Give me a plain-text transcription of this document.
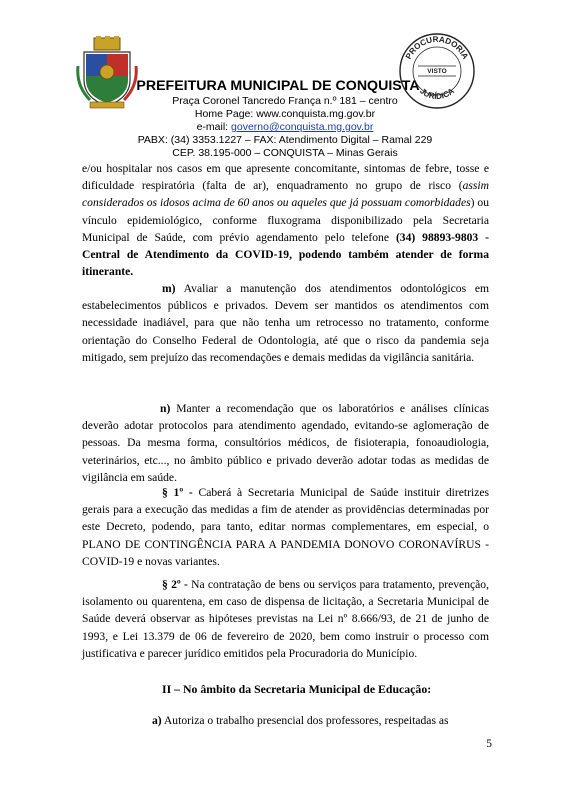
PREFEITURA MUNICIPAL DE CONQUISTA
Praça Coronel Tancredo França n.º 181 – centro
Home Page: www.conquista.mg.gov.br
e-mail: governo@conquista.mg.gov.br
PABX: (34) 3353.1227 – FAX: Atendimento Digital – Ramal 229
CEP. 38.195-000 – CONQUISTA – Minas Gerais
PROCURADORIA
VISTO
JURÍDICA
e/ou hospitalar nos casos em que apresente concomitante, sintomas de febre, tosse e dificuldade respiratória (falta de ar), enquadramento no grupo de risco (assim considerados os idosos acima de 60 anos ou aqueles que já possuam comorbidades) ou vínculo epidemiológico, conforme fluxograma disponibilizado pela Secretaria Municipal de Saúde, com prévio agendamento pelo telefone (34) 98893-9803 - Central de Atendimento da COVID-19, podendo também atender de forma itinerante.
m) Avaliar a manutenção dos atendimentos odontológicos em estabelecimentos públicos e privados. Devem ser mantidos os atendimentos com necessidade inadiável, para que não tenha um retrocesso no tratamento, conforme orientação do Conselho Federal de Odontologia, até que o risco da pandemia seja mitigado, sem prejuízo das recomendações e demais medidas da vigilância sanitária.
n) Manter a recomendação que os laboratórios e análises clínicas deverão adotar protocolos para atendimento agendado, evitando-se aglomeração de pessoas. Da mesma forma, consultórios médicos, de fisioterapia, fonoaudiologia, veterinários, etc..., no âmbito público e privado deverão adotar todas as medidas de vigilância em saúde.
§ 1º - Caberá à Secretaria Municipal de Saúde instituir diretrizes gerais para a execução das medidas a fim de atender as providências determinadas por este Decreto, podendo, para tanto, editar normas complementares, em especial, o PLANO DE CONTINGÊNCIA PARA A PANDEMIA DONOVO CORONAVÍRUS - COVID-19 e novas variantes.
§ 2º - Na contratação de bens ou serviços para tratamento, prevenção, isolamento ou quarentena, em caso de dispensa de licitação, a Secretaria Municipal de Saúde deverá observar as hipóteses previstas na Lei nº 8.666/93, de 21 de junho de 1993, e Lei 13.379 de 06 de fevereiro de 2020, bem como instruir o processo com justificativa e parecer jurídico emitidos pela Procuradoria do Município.
II – No âmbito da Secretaria Municipal de Educação:
a) Autoriza o trabalho presencial dos professores, respeitadas as
5
